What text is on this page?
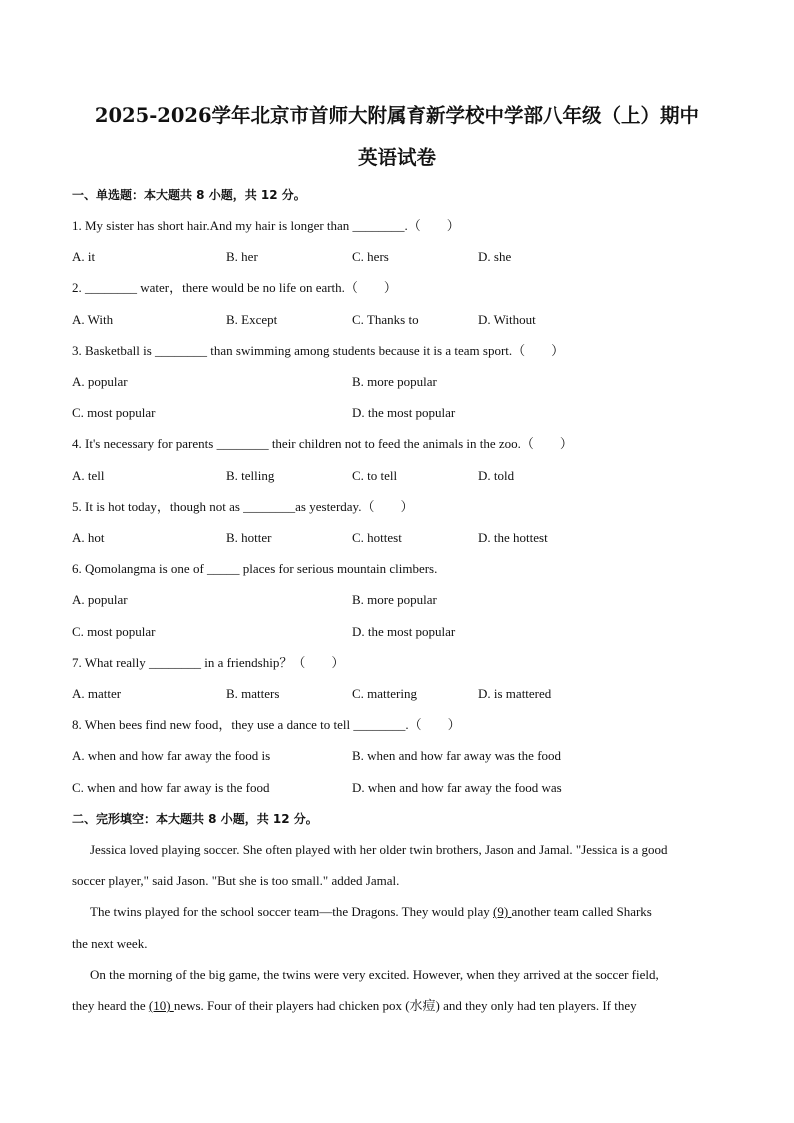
2025-2026学年北京市首师大附属育新学校中学部八年级（上）期中
英语试卷
一、单选题：本大题共 8 小题，共 12 分。
1. My sister has short hair.And my hair is longer than ________.（　　）
A. it	B. her	C. hers	D. she
2. ________ water，there would be no life on earth.（　　）
A. With	B. Except	C. Thanks to	D. Without
3. Basketball is ________ than swimming among students because it is a team sport.（　　）
A. popular	B. more popular
C. most popular	D. the most popular
4. It's necessary for parents ________ their children not to feed the animals in the zoo.（　　）
A. tell	B. telling	C. to tell	D. told
5. It is hot today，though not as ________as yesterday.（　　）
A. hot	B. hotter	C. hottest	D. the hottest
6. Qomolangma is one of _____ places for serious mountain climbers.
A. popular	B. more popular
C. most popular	D. the most popular
7. What really ________ in a friendship？（　　）
A. matter	B. matters	C. mattering	D. is mattered
8. When bees find new food，they use a dance to tell ________.（　　）
A. when and how far away the food is	B. when and how far away was the food
C. when and how far away is the food	D. when and how far away the food was
二、完形填空：本大题共 8 小题，共 12 分。
Jessica loved playing soccer. She often played with her older twin brothers, Jason and Jamal. "Jessica is a good
soccer player," said Jason. "But she is too small." added Jamal.
The twins played for the school soccer team—the Dragons. They would play (9) another team called Sharks
the next week.
On the morning of the big game, the twins were very excited. However, when they arrived at the soccer field,
they heard the (10) news. Four of their players had chicken pox (水痘) and they only had ten players. If they
